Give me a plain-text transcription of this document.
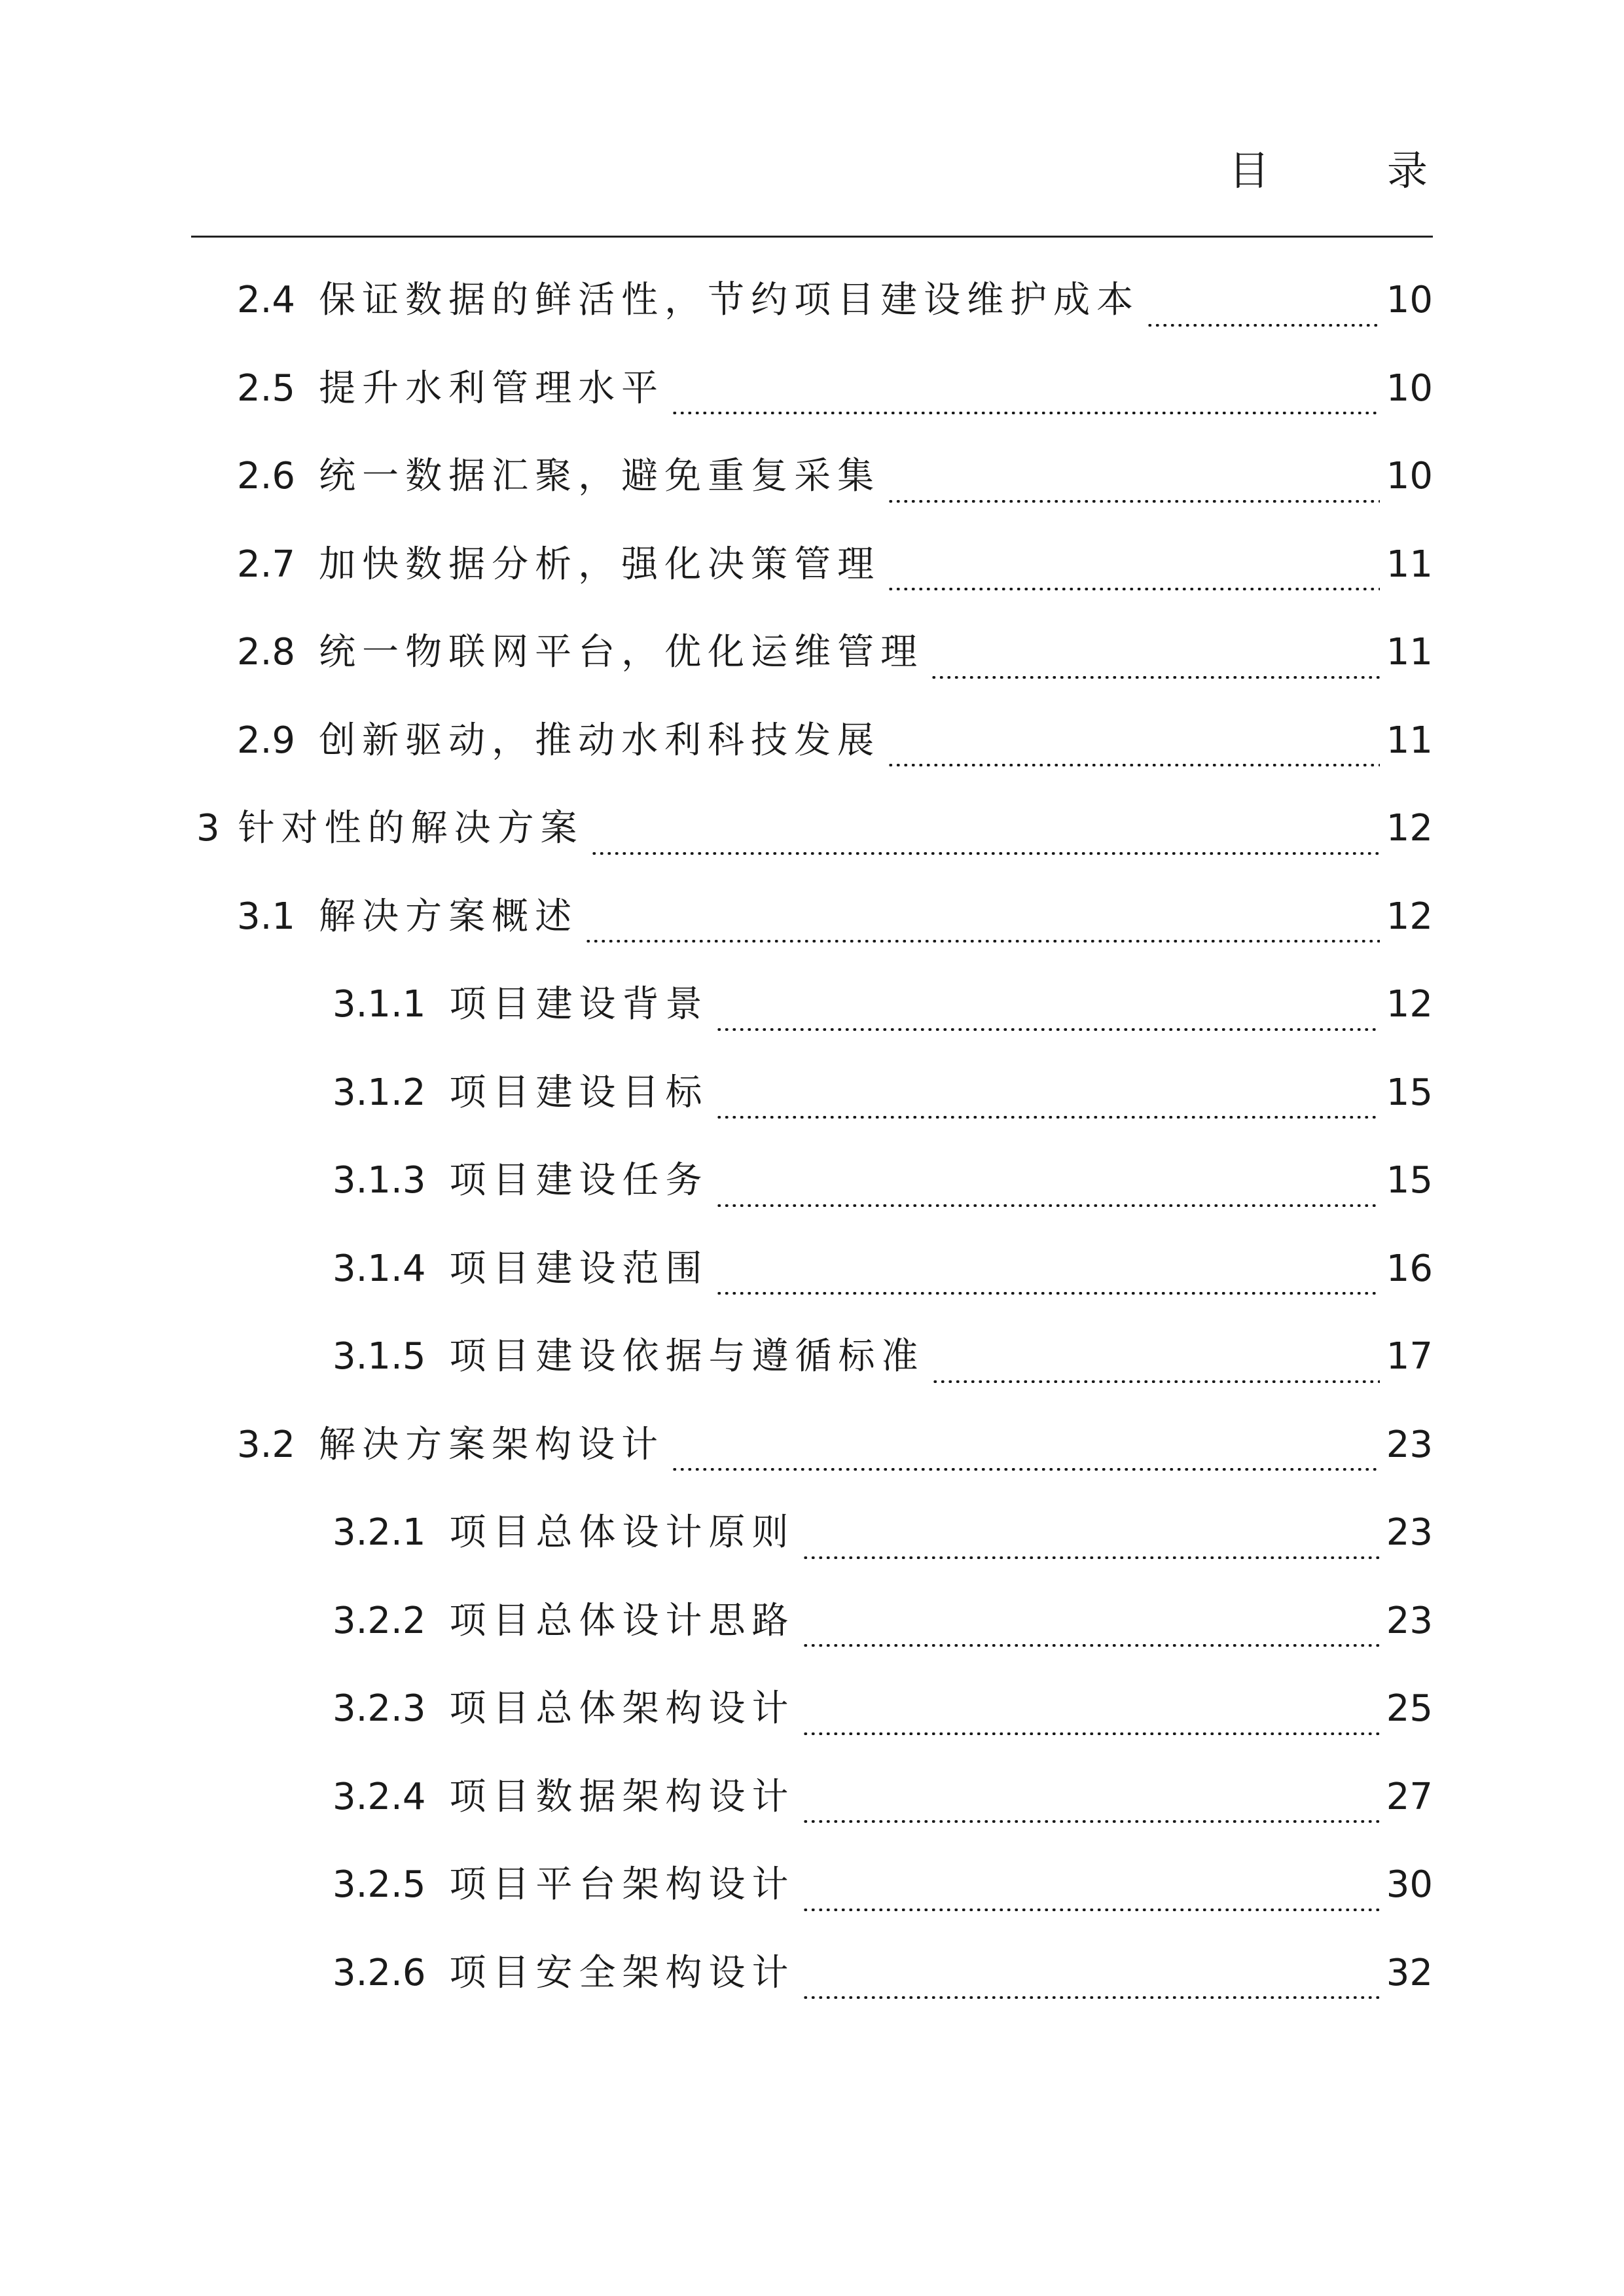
目 录
2.4 保证数据的鲜活性，节约项目建设维护成本	10
2.5 提升水利管理水平	10
2.6 统一数据汇聚，避免重复采集	10
2.7 加快数据分析，强化决策管理	11
2.8 统一物联网平台，优化运维管理	11
2.9 创新驱动，推动水利科技发展	11
3 针对性的解决方案	12
3.1 解决方案概述	12
3.1.1 项目建设背景	12
3.1.2 项目建设目标	15
3.1.3 项目建设任务	15
3.1.4 项目建设范围	16
3.1.5 项目建设依据与遵循标准	17
3.2 解决方案架构设计	23
3.2.1 项目总体设计原则	23
3.2.2 项目总体设计思路	23
3.2.3 项目总体架构设计	25
3.2.4 项目数据架构设计	27
3.2.5 项目平台架构设计	30
3.2.6 项目安全架构设计	32
